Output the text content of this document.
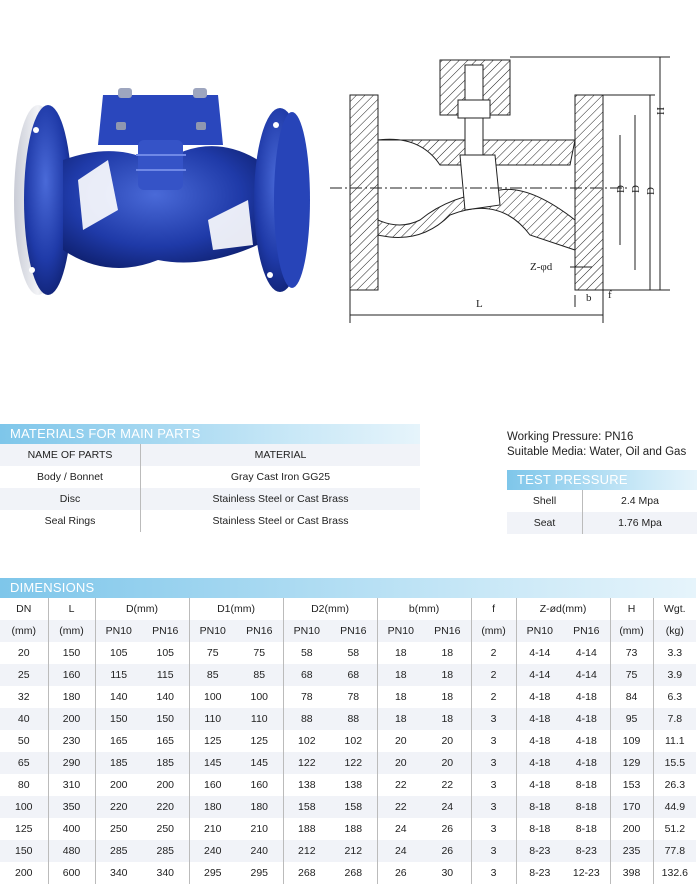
L
H
D
D
D
Z-φd
b f
MATERIALS FOR MAIN PARTS
NAME OF PARTS	MATERIAL
Body / Bonnet	Gray Cast Iron GG25
Disc	Stainless Steel or Cast Brass
Seal Rings	Stainless Steel or Cast Brass
Working Pressure: PN16
Suitable Media: Water, Oil and Gas
TEST PRESSURE
Shell	2.4 Mpa
Seat	1.76 Mpa
DIMENSIONS
DN	L	D(mm)		D1(mm)		D2(mm)		b(mm)		f	Z-ød(mm)		H	Wgt.
(mm)	(mm)	PN10	PN16	PN10	PN16	PN10	PN16	PN10	PN16	(mm)	PN10	PN16	(mm)	(kg)
20	150	105	105	75	75	58	58	18	18	2	4-14	4-14	73	3.3
25	160	115	115	85	85	68	68	18	18	2	4-14	4-14	75	3.9
32	180	140	140	100	100	78	78	18	18	2	4-18	4-18	84	6.3
40	200	150	150	110	110	88	88	18	18	3	4-18	4-18	95	7.8
50	230	165	165	125	125	102	102	20	20	3	4-18	4-18	109	11.1
65	290	185	185	145	145	122	122	20	20	3	4-18	4-18	129	15.5
80	310	200	200	160	160	138	138	22	22	3	4-18	8-18	153	26.3
100	350	220	220	180	180	158	158	22	24	3	8-18	8-18	170	44.9
125	400	250	250	210	210	188	188	24	26	3	8-18	8-18	200	51.2
150	480	285	285	240	240	212	212	24	26	3	8-23	8-23	235	77.8
200	600	340	340	295	295	268	268	26	30	3	8-23	12-23	398	132.6
